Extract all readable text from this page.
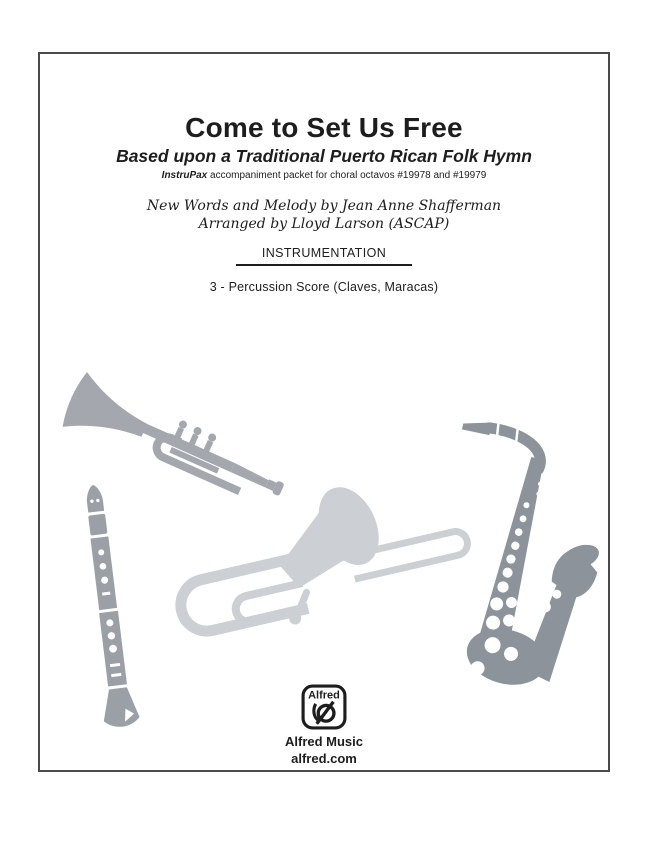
Come to Set Us Free
Based upon a Traditional Puerto Rican Folk Hymn
InstruPax accompaniment packet for choral octavos #19978 and #19979
New Words and Melody by Jean Anne Shafferman
Arranged by Lloyd Larson (ASCAP)
INSTRUMENTATION
3 - Percussion Score (Claves, Maracas)
Alfred
Alfred Music
alfred.com
